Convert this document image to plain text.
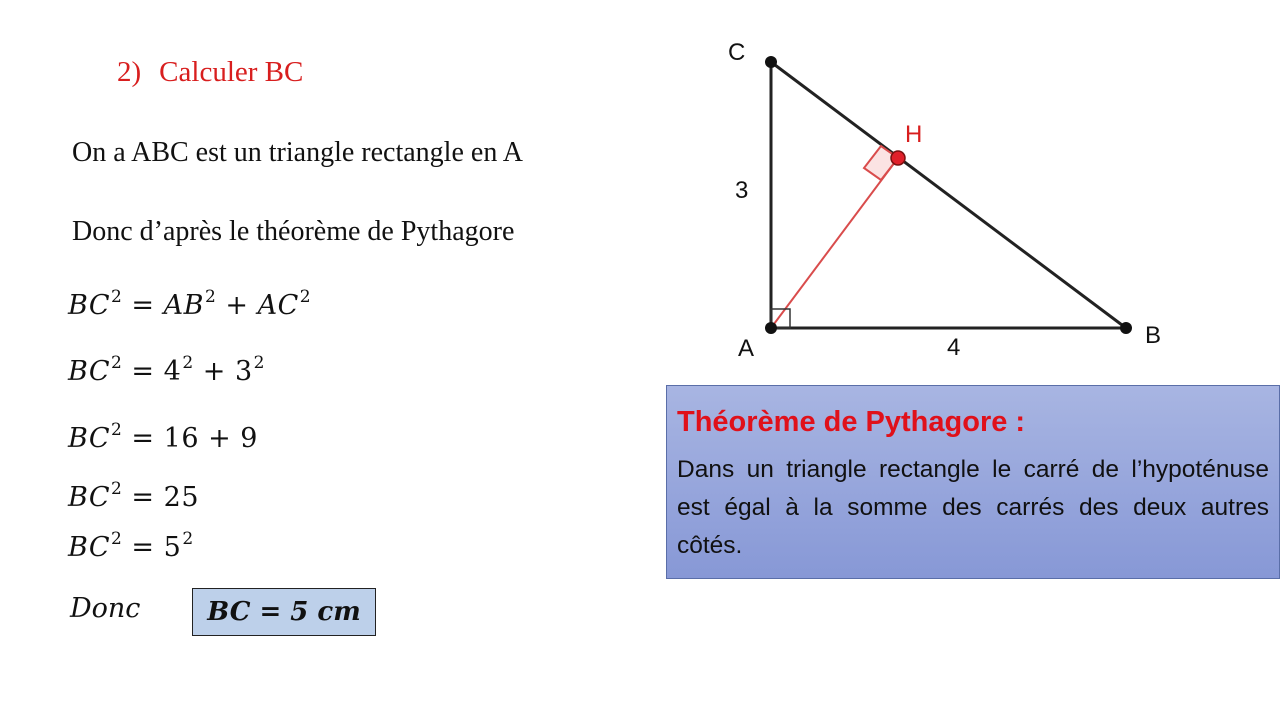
2) Calculer BC
On a ABC est un triangle rectangle en A
Donc d’après le théorème de Pythagore
$BC^2 = AB^2 + AC^2$
$BC^2 = 4^2 + 3^2$
$BC^2 = 16 + 9$
$BC^2 = 25$
$BC^2 = 5^2$
Donc	BC = 5 cm
C
H
3
A	4	B
Théorème de Pythagore :
Dans un triangle rectangle le carré de l’hypoténuse est égal à la somme des carrés des deux autres côtés.
